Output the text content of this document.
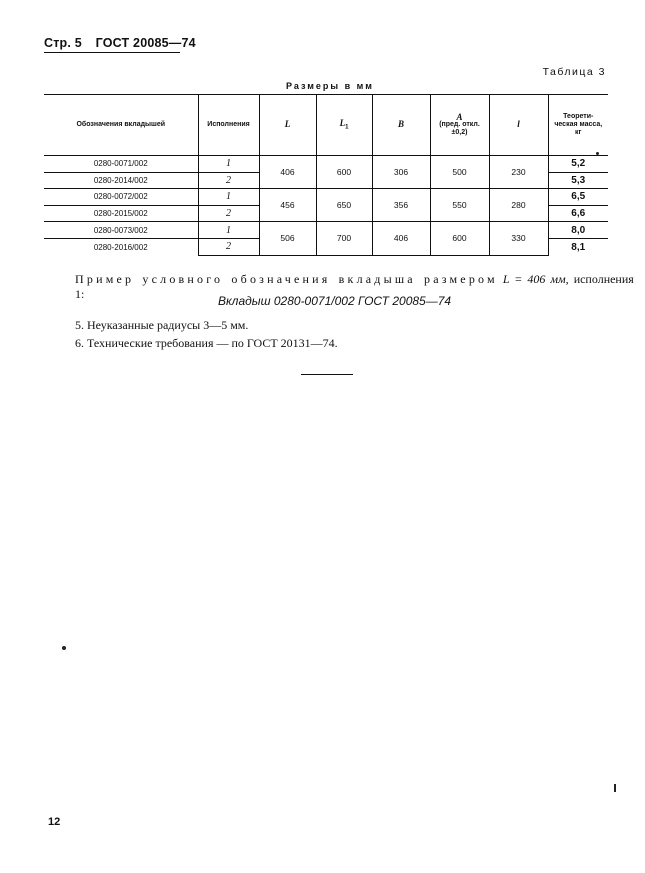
Стр. 5 ГОСТ 20085—74
Таблица 3
Размеры в мм
Обозначения вкладышей	Исполнения	L	$L_1$	B	A
(пред. откл. ±0,2)	l	Теорети-ческая масса, кг
0280-0071/002	1	406	600	306	500	230	5,2
0280-2014/002	2						5,3
0280-0072/002	1	456	650	356	550	280	6,5
0280-2015/002	2						6,6
0280-0073/002	1	506	700	406	600	330	8,0
0280-2016/002	2						8,1
Пример условного обозначения вкладыша размером L = 406 мм, исполнения 1:	Вкладыш 0280-0071/002 ГОСТ 20085—74
5. Неуказанные радиусы 3—5 мм.
6. Технические требования — по ГОСТ 20131—74.
12
